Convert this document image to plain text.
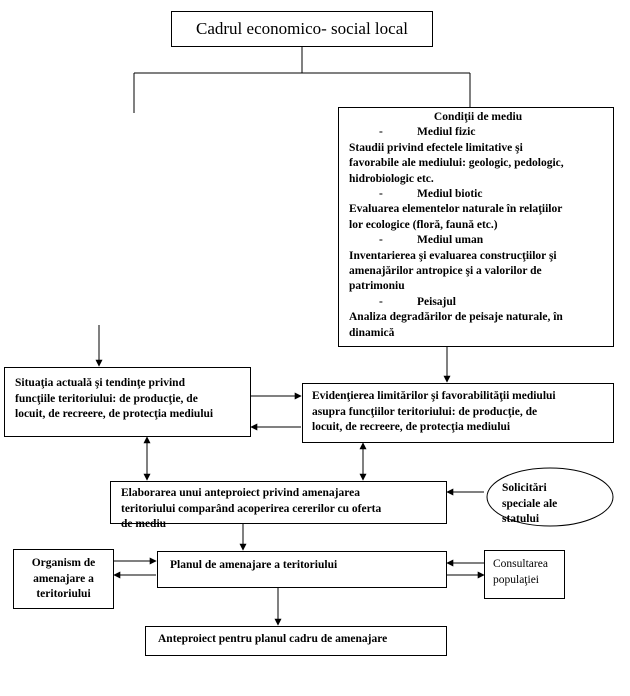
Cadrul economico- social local
Condiţii de mediu
-	Mediul fizic
Staudii privind efectele limitative şi
favorabile ale mediului: geologic, pedologic,
hidrobiologic etc.
-	Mediul biotic
Evaluarea elementelor naturale în relaţiilor
lor ecologice (floră, faună etc.)
-	Mediul uman
Inventarierea şi evaluarea construcţiilor şi
amenajărilor antropice şi a valorilor de
patrimoniu
-	Peisajul
Analiza degradărilor de peisaje naturale, în
dinamică
Situaţia actuală şi tendinţe privind
funcţiile teritoriului: de producţie, de
locuit, de recreere, de protecţia mediului
Evidenţierea limitărilor şi favorabilităţii mediului
asupra funcţiilor teritoriului: de producţie, de
locuit, de recreere, de protecţia mediului
Elaborarea unui anteproiect privind amenajarea
teritoriului comparând acoperirea cererilor cu oferta
de mediu
Solicitări
speciale ale
statului
Organism de
amenajare a
teritoriului
Planul de amenajare a teritoriului	Consultarea
populaţiei
Anteproiect pentru planul cadru de amenajare
